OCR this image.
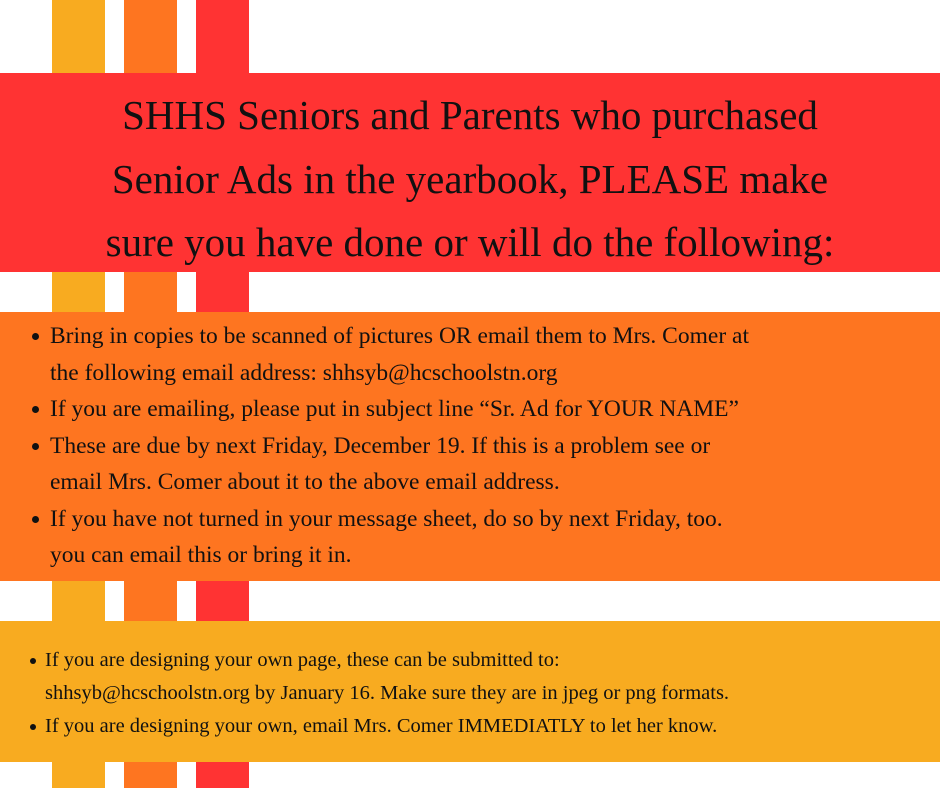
SHHS Seniors and Parents who purchased
Senior Ads in the yearbook, PLEASE make
sure you have done or will do the following:
Bring in copies to be scanned of pictures OR email them to Mrs. Comer at
the following email address: shhsyb@hcschoolstn.org
If you are emailing, please put in subject line “Sr. Ad for YOUR NAME”
These are due by next Friday, December 19. If this is a problem see or
email Mrs. Comer about it to the above email address.
If you have not turned in your message sheet, do so by next Friday, too.
you can email this or bring it in.
If you are designing your own page, these can be submitted to:
shhsyb@hcschoolstn.org by January 16. Make sure they are in jpeg or png formats.
If you are designing your own, email Mrs. Comer IMMEDIATLY to let her know.
